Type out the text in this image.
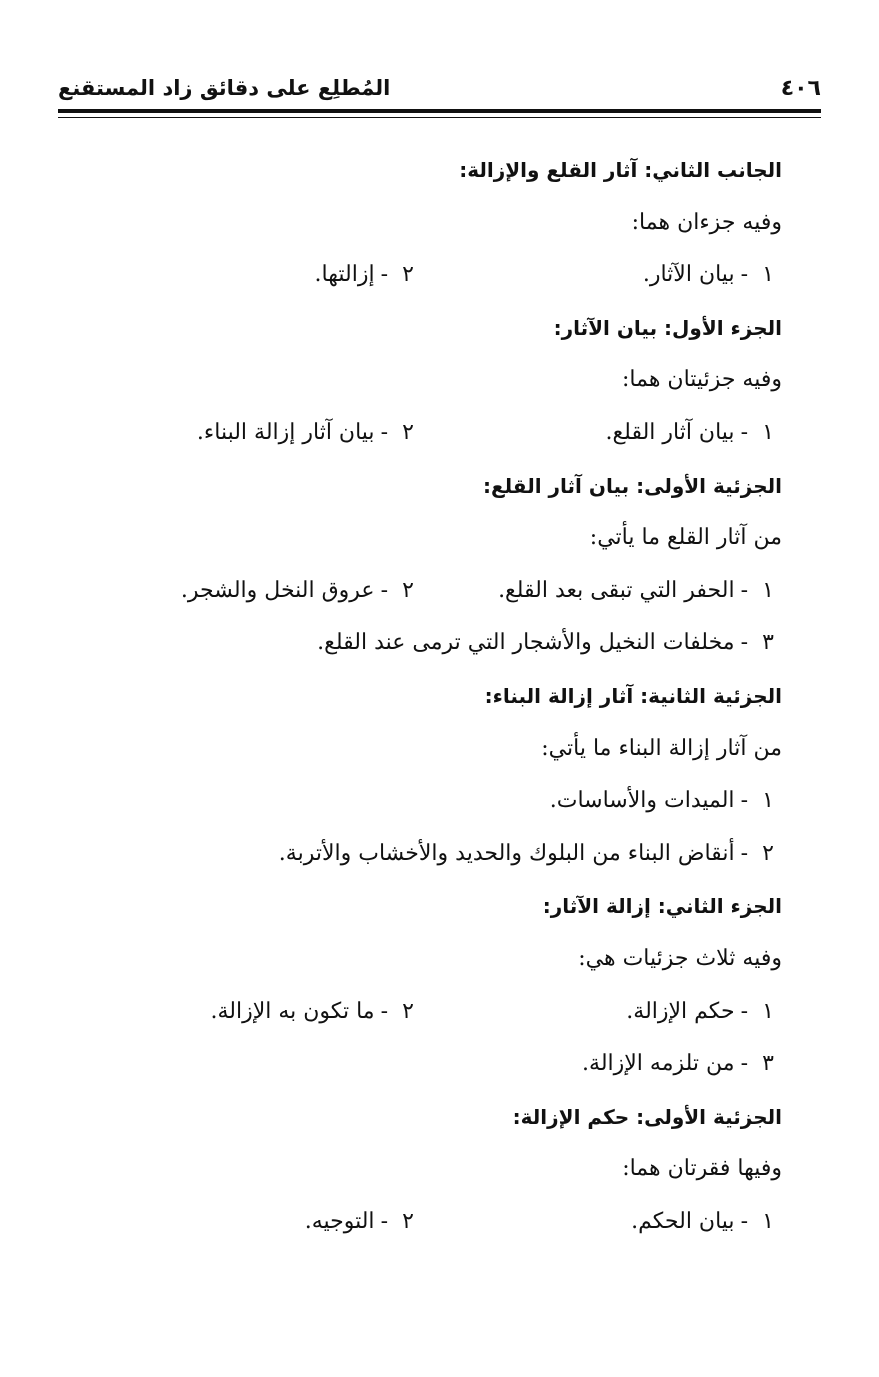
٤٠٦
المُطلِع على دقائق زاد المستقنع
الجانب الثاني: آثار القلع والإزالة:
وفيه جزءان هما:
١-بيان الآثار.
٢-إزالتها.
الجزء الأول: بيان الآثار:
وفيه جزئيتان هما:
١-بيان آثار القلع.
٢-بيان آثار إزالة البناء.
الجزئية الأولى: بيان آثار القلع:
من آثار القلع ما يأتي:
١-الحفر التي تبقى بعد القلع.
٢-عروق النخل والشجر.
٣-مخلفات النخيل والأشجار التي ترمى عند القلع.
الجزئية الثانية: آثار إزالة البناء:
من آثار إزالة البناء ما يأتي:
١-الميدات والأساسات.
٢-أنقاض البناء من البلوك والحديد والأخشاب والأتربة.
الجزء الثاني: إزالة الآثار:
وفيه ثلاث جزئيات هي:
١-حكم الإزالة.
٢-ما تكون به الإزالة.
٣-من تلزمه الإزالة.
الجزئية الأولى: حكم الإزالة:
وفيها فقرتان هما:
١-بيان الحكم.
٢-التوجيه.
